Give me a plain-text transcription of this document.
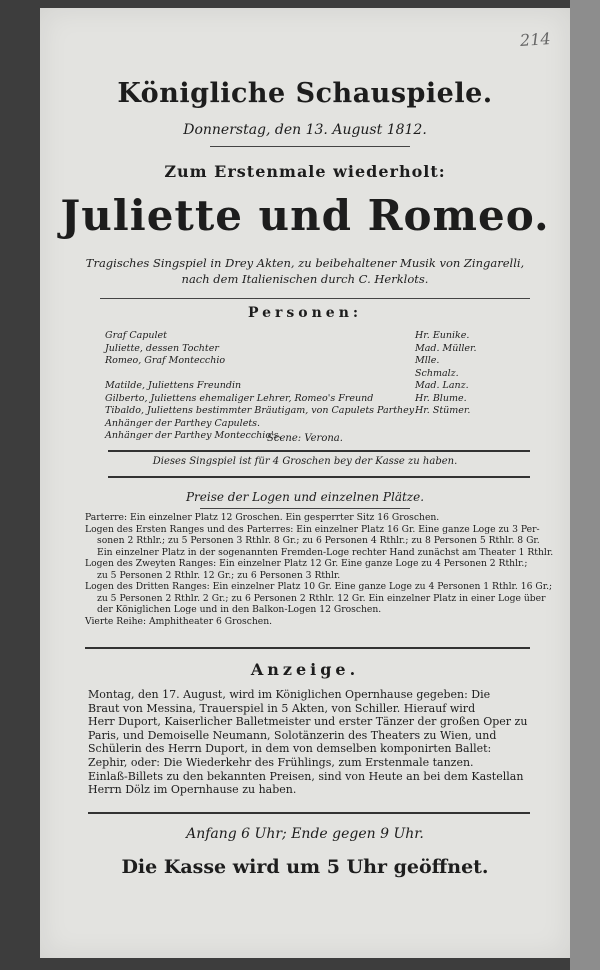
214
Königliche Schauspiele.
Donnerstag, den 13. August 1812.
Zum Erstenmale wiederholt:
Juliette und Romeo.
Tragisches Singspiel in Drey Akten, zu beibehaltener Musik von Zingarelli,
nach dem Italienischen durch C. Herklots.
Personen:
Graf Capulet	Hr. Eunike.
Juliette, dessen Tochter	Mad. Müller.
Romeo, Graf Montecchio	Mlle. Schmalz.
Matilde, Juliettens Freundin	Mad. Lanz.
Gilberto, Juliettens ehemaliger Lehrer, Romeo's Freund	Hr. Blume.
Tibaldo, Juliettens bestimmter Bräutigam, von Capulets Parthey Hr. Stümer.
Anhänger der Parthey Capulets.
Anhänger der Parthey Montecchio's.
Scene: Verona.
Dieses Singspiel ist für 4 Groschen bey der Kasse zu haben.
Preise der Logen und einzelnen Plätze.
Parterre: Ein einzelner Platz 12 Groschen. Ein gesperrter Sitz 16 Groschen.
Logen des Ersten Ranges und des Parterres: Ein einzelner Platz 16 Gr. Eine ganze Loge zu 3 Per-
sonen 2 Rthlr.; zu 5 Personen 3 Rthlr. 8 Gr.; zu 6 Personen 4 Rthlr.; zu 8 Personen 5 Rthlr. 8 Gr.
Ein einzelner Platz in der sogenannten Fremden-Loge rechter Hand zunächst am Theater 1 Rthlr.
Logen des Zweyten Ranges: Ein einzelner Platz 12 Gr. Eine ganze Loge zu 4 Personen 2 Rthlr.;
zu 5 Personen 2 Rthlr. 12 Gr.; zu 6 Personen 3 Rthlr.
Logen des Dritten Ranges: Ein einzelner Platz 10 Gr. Eine ganze Loge zu 4 Personen 1 Rthlr. 16 Gr.;
zu 5 Personen 2 Rthlr. 2 Gr.; zu 6 Personen 2 Rthlr. 12 Gr. Ein einzelner Platz in einer Loge über
der Königlichen Loge und in den Balkon-Logen 12 Groschen.
Vierte Reihe: Amphitheater 6 Groschen.
Anzeige.
Montag, den 17. August, wird im Königlichen Opernhause gegeben: Die
Braut von Messina, Trauerspiel in 5 Akten, von Schiller. Hierauf wird
Herr Duport, Kaiserlicher Balletmeister und erster Tänzer der großen Oper zu
Paris, und Demoiselle Neumann, Solotänzerin des Theaters zu Wien, und
Schülerin des Herrn Duport, in dem von demselben komponirten Ballet:
Zephir, oder: Die Wiederkehr des Frühlings, zum Erstenmale tanzen.
Einlaß-Billets zu den bekannten Preisen, sind von Heute an bei dem Kastellan
Herrn Dölz im Opernhause zu haben.
Anfang 6 Uhr; Ende gegen 9 Uhr.
Die Kasse wird um 5 Uhr geöffnet.
